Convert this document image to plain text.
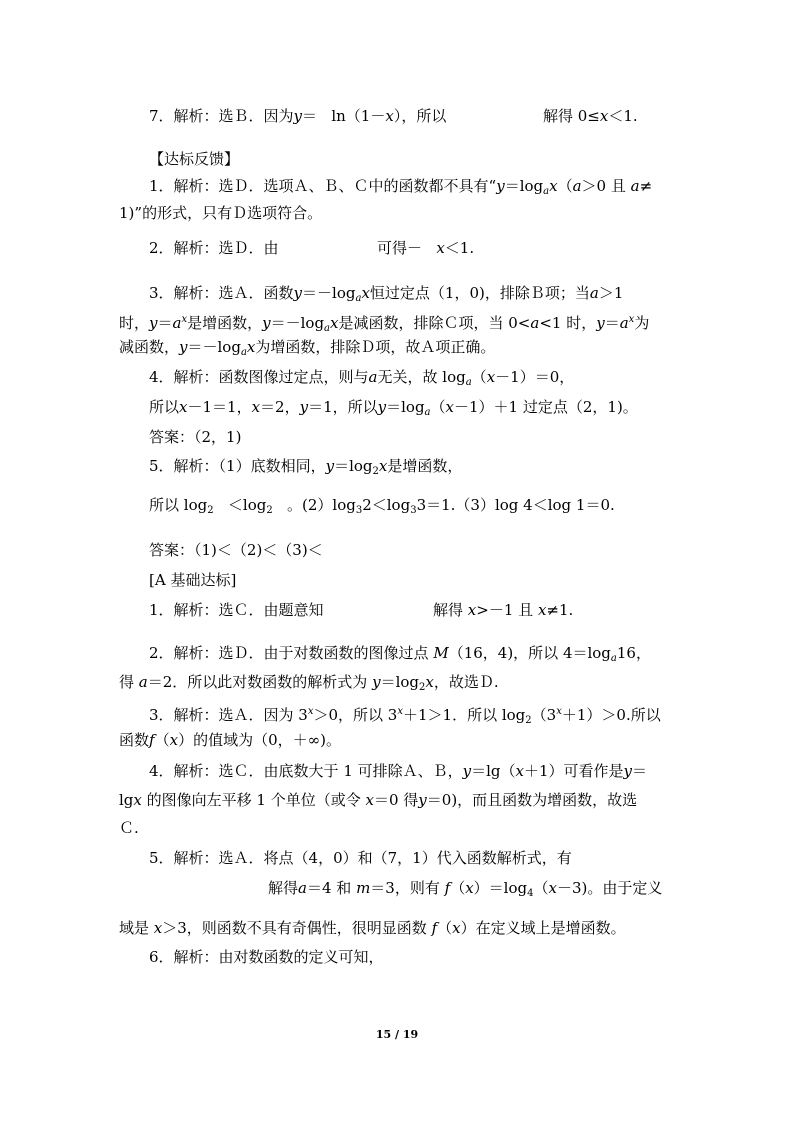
7．解析：选Ｂ．因为y＝   ln（1－x），所以	解得 0≤x＜1.
【达标反馈】
1．解析：选Ｄ．选项Ａ、Ｂ、Ｃ中的函数都不具有“$y=\log_ax(a>0$ 且 a≠
1)”的形式，只有Ｄ选项符合。
2．解析：选Ｄ．由	可得－ x＜1.
3．解析：选Ａ．函数$y=-\log_ax$恒过定点（1，0)，排除Ｂ项；当a＞1
时，$y=a^x$是增函数，$y=-\log_ax$是减函数，排除Ｃ项，当 0<a<1 时，$y=a^x$为
减函数，$y=-\log_ax$为增函数，排除Ｄ项，故Ａ项正确。
4．解析：函数图像过定点，则与a无关，故 $\log_a(x-1)=0$，
所以x－1＝1，x＝2，y＝1，所以$y=\log_a(x-1)+1$ 过定点（2，1)。
答案：（2，1)
5．解析：（1）底数相同，$y=\log_2x$是增函数，
所以 $\log_2 <\log_2$ 。$(2)\log_32<\log_33=1.(3)\log$ 4＜log 1＝0.
答案：（1)＜（2)＜（3)＜
[A 基础达标]
1．解析：选Ｃ．由题意知	解得 x>－1 且 x≠1.
2．解析：选Ｄ．由于对数函数的图像过点 M（16，4)，所以 $4=\log_a16$，
得 a＝2．所以此对数函数的解析式为 $y=\log_2x$，故选Ｄ.
3．解析：选Ａ．因为 $3^x>0$，所以 $3^x+1>1$．所以 $\log_2(3^x+1)>0$.所以
函数f（x）的值域为（0，＋∞)。
4．解析：选Ｃ．由底数大于 1 可排除Ａ、Ｂ，y＝lg（x＋1）可看作是y＝
lgx 的图像向左平移 1 个单位（或令 x＝0 得y＝0)，而且函数为增函数，故选
Ｃ.
5．解析：选Ａ．将点（4，0）和（7，1）代入函数解析式，有
解得a＝4 和 m＝3，则有 $f(x)=\log_4(x-3)$。由于定义
域是 x＞3，则函数不具有奇偶性，很明显函数 f（x）在定义域上是增函数。
6．解析：由对数函数的定义可知，
15 / 19
